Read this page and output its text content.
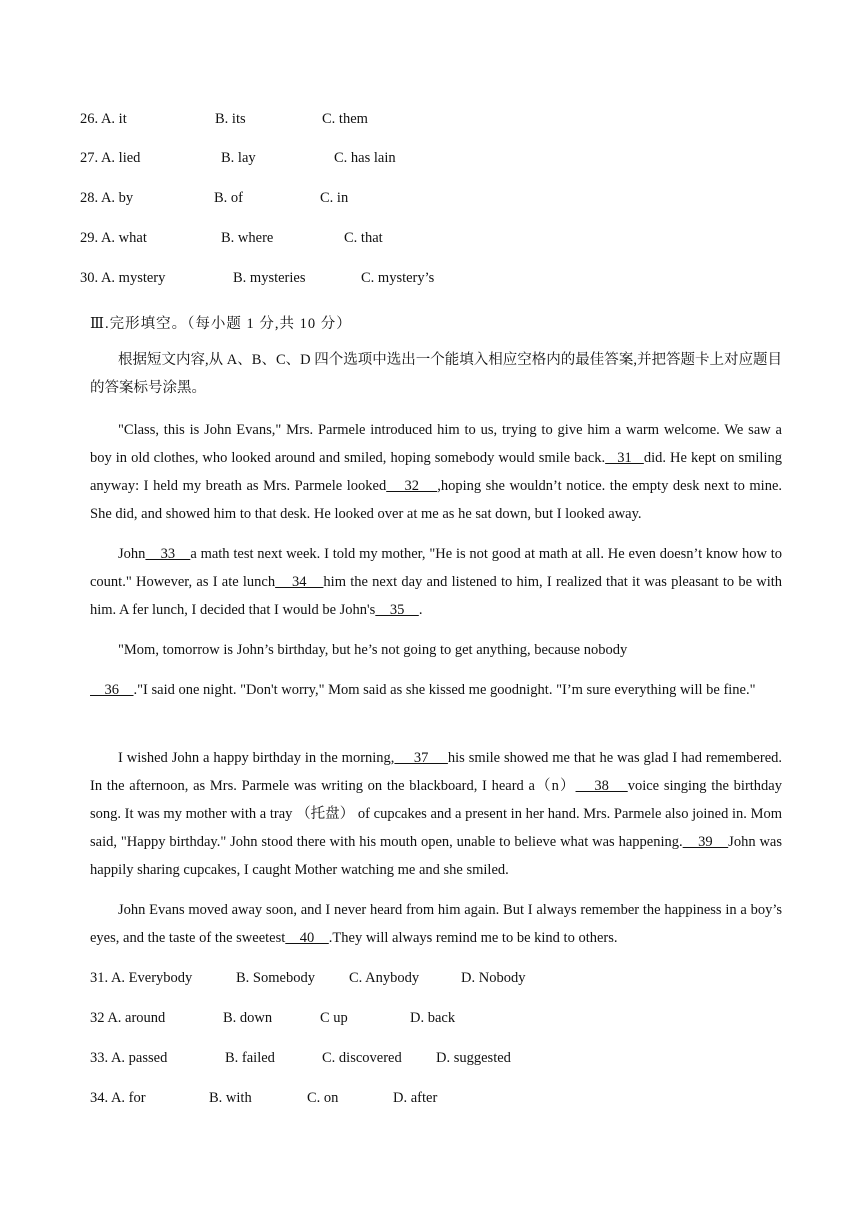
26. A. it	B. its	C. them
27. A. lied	B. lay	C. has lain
28. A. by	B. of	C. in
29. A. what	B. where	C. that
30. A. mystery	B. mysteries	C. mystery’s
Ⅲ.完形填空。（每小题 1 分,共 10 分）

根据短文内容,从 A、B、C、D 四个选项中选出一个能填入相应空格内的最佳答案,并把答题卡上对应题目的答案标号涂黑。

"Class, this is John Evans," Mrs. Parmele introduced him to us, trying to give him a warm welcome. We saw a boy in old clothes, who looked around and smiled, hoping somebody would smile back.   31   did. He kept on smiling anyway: I held my breath as Mrs. Parmele looked    32    ,hoping she wouldn’t notice. the empty desk next to mine. She did, and showed him to that desk. He looked over at me as he sat down, but I looked away.

John    33    a math test next week. I told my mother, "He is not good at math at all. He even doesn’t know how to count." However, as I ate lunch    34    him the next day and listened to him, I realized that it was pleasant to be with him. A fer lunch, I decided that I would be John's    35    .

"Mom, tomorrow is John’s birthday, but he’s not going to get anything, because nobody

36    ."I said one night. "Don't worry," Mom said as she kissed me goodnight. "I’m sure everything will be fine."

I wished John a happy birthday in the morning,     37     his smile showed me that he was glad I had remembered. In the afternoon, as Mrs. Parmele was writing on the blackboard, I heard a（n）    38    voice singing the birthday song. It was my mother with a tray （托盘） of cupcakes and a present in her hand. Mrs. Parmele also joined in. Mom said, "Happy birthday." John stood there with his mouth open, unable to believe what was happening.    39    John was happily sharing cupcakes, I caught Mother watching me and she smiled.

John Evans moved away soon, and I never heard from him again. But I always remember the happiness in a boy’s eyes, and the taste of the sweetest    40    .They will always remind me to be kind to others.

31. A. Everybody	B. Somebody C. Anybody	D. Nobody
32 A. around	B. down	C up	D. back
33. A. passed	B. failed	C. discovered D. suggested
34. A. for	B. with	C. on	D. after
